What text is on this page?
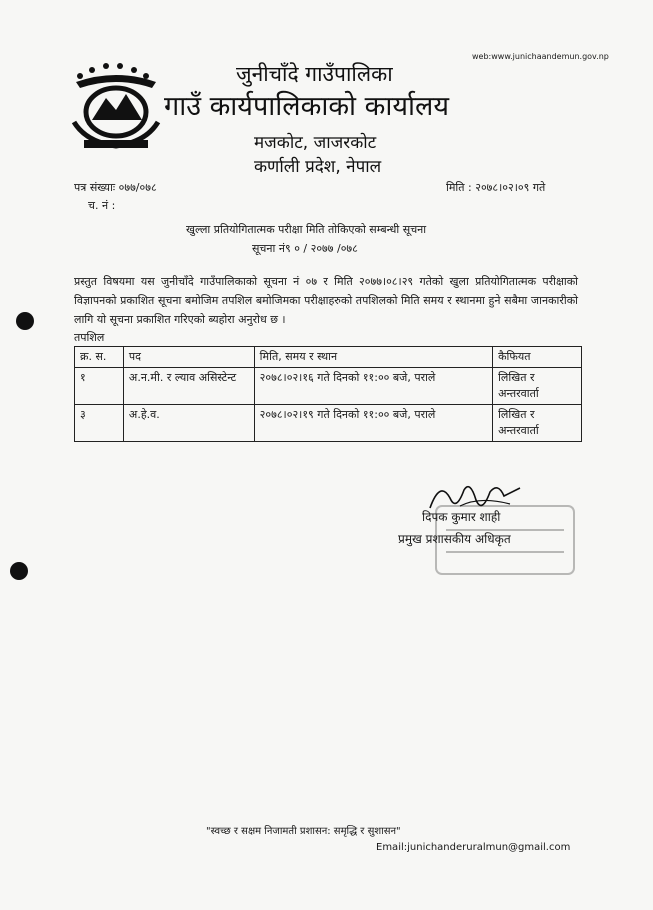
web:www.junichaandemun.gov.np
जुनीचाँदे गाउँपालिका
गाउँ कार्यपालिकाको कार्यालय
मजकोट, जाजरकोट
कर्णाली प्रदेश, नेपाल
पत्र संख्याः ०७७/०७८	मिति : २०७८।०२।०९ गते
च. नं :
खुल्ला प्रतियोगितात्मक परीक्षा मिति तोकिएको सम्बन्धी सूचना
सूचना नं९ ० / २०७७ /०७८
प्रस्तुत विषयमा यस जुनीचाँदे गाउँपालिकाको सूचना नं ०७ र मिति २०७७।०८।२९ गतेको खुला प्रतियोगितात्मक परीक्षाको विज्ञापनको प्रकाशित सूचना बमोजिम तपशिल बमोजिमका परीक्षाहरुको तपशिलको मिति समय र स्थानमा हुने सबैमा जानकारीको लागि यो सूचना प्रकाशित गरिएको ब्यहोरा अनुरोध छ ।
तपशिल
क्र. स.	पद	मिति, समय र स्थान	कैफियत
१	अ.न.मी. र ल्याव असिस्टेन्ट	२०७८।०२।१६ गते दिनको ११:०० बजे, पराले	लिखित र अन्तरवार्ता
३	अ.हे.व.	२०७८।०२।१९ गते दिनको ११:०० बजे, पराले	लिखित र अन्तरवार्ता
दिपक कुमार शाही
प्रमुख प्रशासकीय अधिकृत
"स्वच्छ र सक्षम निजामती प्रशासन: समृद्धि र सुशासन"
Email:junichanderuralmun@gmail.com
